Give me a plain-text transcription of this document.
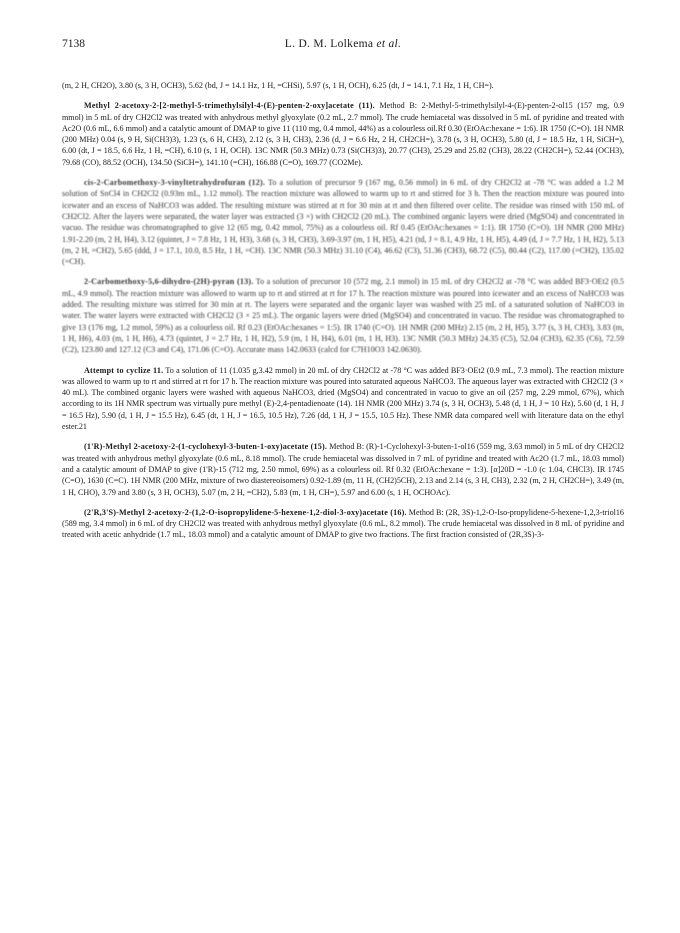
7138	L. D. M. Lolkema et al.

(m, 2 H, CH2O), 3.80 (s, 3 H, OCH3), 5.62 (bd, J = 14.1 Hz, 1 H, =CHSi), 5.97 (s, 1 H, OCH), 6.25 (dt, J = 14.1, 7.1 Hz, 1 H, CH=).

Methyl 2-acetoxy-2-[2-methyl-5-trimethylsilyl-4-(E)-penten-2-oxy]acetate (11). Method B: 2-Methyl-5-trimethylsilyl-4-(E)-penten-2-ol15 (157 mg, 0.9 mmol) in 5 mL of dry CH2Cl2 was treated with anhydrous methyl glyoxylate (0.2 mL, 2.7 mmol). The crude hemiacetal was dissolved in 5 mL of pyridine and treated with Ac2O (0.6 mL, 6.6 mmol) and a catalytic amount of DMAP to give 11 (110 mg, 0.4 mmol, 44%) as a colourless oil.Rf 0.30 (EtOAc:hexane = 1:6). IR 1750 (C=O). 1H NMR (200 MHz) 0.04 (s, 9 H, Si(CH3)3), 1.23 (s, 6 H, CH3), 2.12 (s, 3 H, CH3), 2.36 (d, J = 6.6 Hz, 2 H, CH2CH=), 3.78 (s, 3 H, OCH3), 5.80 (d, J = 18.5 Hz, 1 H, SiCH=), 6.00 (dt, J = 18.5, 6.6 Hz, 1 H, =CH), 6.10 (s, 1 H, OCH). 13C NMR (50.3 MHz) 0.73 (Si(CH3)3), 20.77 (CH3), 25.29 and 25.82 (CH3), 28.22 (CH2CH=), 52.44 (OCH3), 79.68 (CO), 88.52 (OCH), 134.50 (SiCH=), 141.10 (=CH), 166.88 (C=O), 169.77 (CO2Me).

cis-2-Carbomethoxy-3-vinyltetrahydrofuran (12). To a solution of precursor 9 (167 mg, 0.56 mmol) in 6 mL of dry CH2Cl2 at -78 °C was added a 1.2 M solution of SnCl4 in CH2Cl2 (0.93m mL, 1.12 mmol). The reaction mixture was allowed to warm up to rt and stirred for 3 h. Then the reaction mixture was poured into icewater and an excess of NaHCO3 was added. The resulting mixture was stirred at rt for 30 min at rt and then filtered over celite. The residue was rinsed with 150 mL of CH2Cl2. After the layers were separated, the water layer was extracted (3 ×) with CH2Cl2 (20 mL). The combined organic layers were dried (MgSO4) and concentrated in vacuo. The residue was chromatographed to give 12 (65 mg, 0.42 mmol, 75%) as a colourless oil. Rf 0.45 (EtOAc:hexanes = 1:1). IR 1750 (C=O). 1H NMR (200 MHz) 1.91-2.20 (m, 2 H, H4), 3.12 (quintet, J = 7.8 Hz, 1 H, H3), 3.68 (s, 3 H, CH3), 3.69-3.97 (m, 1 H, H5), 4.21 (td, J = 8.1, 4.9 Hz, 1 H, H5), 4.49 (d, J = 7.7 Hz, 1 H, H2), 5.13 (m, 2 H, =CH2), 5.65 (ddd, J = 17.1, 10.0, 8.5 Hz, 1 H, =CH). 13C NMR (50.3 MHz) 31.10 (C4), 46.62 (C3), 51.36 (CH3), 68.72 (C5), 80.44 (C2), 117.00 (=CH2), 135.02 (=CH).

2-Carbomethoxy-5,6-dihydro-(2H)-pyran (13). To a solution of precursor 10 (572 mg, 2.1 mmol) in 15 mL of dry CH2Cl2 at -78 °C was added BF3·OEt2 (0.5 mL, 4.9 mmol). The reaction mixture was allowed to warm up to rt and stirred at rt for 17 h. The reaction mixture was poured into icewater and an excess of NaHCO3 was added. The resulting mixture was stirred for 30 min at rt. The layers were separated and the organic layer was washed with 25 mL of a saturated solution of NaHCO3 in water. The water layers were extracted with CH2Cl2 (3 × 25 mL). The organic layers were dried (MgSO4) and concentrated in vacuo. The residue was chromatographed to give 13 (176 mg, 1.2 mmol, 59%) as a colourless oil. Rf 0.23 (EtOAc:hexanes = 1:5). IR 1740 (C=O). 1H NMR (200 MHz) 2.15 (m, 2 H, H5), 3.77 (s, 3 H, CH3), 3.83 (m, 1 H, H6), 4.03 (m, 1 H, H6), 4.73 (quintet, J = 2.7 Hz, 1 H, H2), 5.9 (m, 1 H, H4), 6.01 (m, 1 H, H3). 13C NMR (50.3 MHz) 24.35 (C5), 52.04 (CH3), 62.35 (C6), 72.59 (C2), 123.80 and 127.12 (C3 and C4), 171.06 (C=O). Accurate mass 142.0633 (calcd for C7H10O3 142.0630).

Attempt to cyclize 11. To a solution of 11 (1.035 g,3.42 mmol) in 20 mL of dry CH2Cl2 at -78 °C was added BF3·OEt2 (0.9 mL, 7.3 mmol). The reaction mixture was allowed to warm up to rt and stirred at rt for 17 h. The reaction mixture was poured into saturated aqueous NaHCO3. The aqueous layer was extracted with CH2Cl2 (3 × 40 mL). The combined organic layers were washed with aqueous NaHCO3, dried (MgSO4) and concentrated in vacuo to give an oil (257 mg, 2.29 mmol, 67%), which according to its 1H NMR spectrum was virtually pure methyl (E)-2,4-pentadienoate (14). 1H NMR (200 MHz) 3.74 (s, 3 H, OCH3), 5.48 (d, 1 H, J = 10 Hz), 5.60 (d, 1 H, J = 16.5 Hz), 5.90 (d, 1 H, J = 15.5 Hz), 6.45 (dt, 1 H, J = 16.5, 10.5 Hz), 7.26 (dd, 1 H, J = 15.5, 10.5 Hz). These NMR data compared well with literature data on the ethyl ester.21

(1'R)-Methyl 2-acetoxy-2-(1-cyclohexyl-3-buten-1-oxy)acetate (15). Method B: (R)-1-Cyclohexyl-3-buten-1-ol16 (559 mg, 3.63 mmol) in 5 mL of dry CH2Cl2 was treated with anhydrous methyl glyoxylate (0.6 mL, 8.18 mmol). The crude hemiacetal was dissolved in 7 mL of pyridine and treated with Ac2O (1.7 mL, 18.03 mmol) and a catalytic amount of DMAP to give (1'R)-15 (712 mg, 2.50 mmol, 69%) as a colourless oil. Rf 0.32 (EtOAc:hexane = 1:3). [α]20D = -1.0 (c 1.04, CHCl3). IR 1745 (C=O), 1630 (C=C). 1H NMR (200 MHz, mixture of two diastereoisomers) 0.92-1.89 (m, 11 H, (CH2)5CH), 2.13 and 2.14 (s, 3 H, CH3), 2.32 (m, 2 H, CH2CH=), 3.49 (m, 1 H, CHO), 3.79 and 3.80 (s, 3 H, OCH3), 5.07 (m, 2 H, =CH2), 5.83 (m, 1 H, CH=), 5.97 and 6.00 (s, 1 H, OCHOAc).

(2'R,3'S)-Methyl 2-acetoxy-2-(1,2-O-isopropylidene-5-hexene-1,2-diol-3-oxy)acetate (16). Method B: (2R, 3S)-1,2-O-Iso-propylidene-5-hexene-1,2,3-triol16 (589 mg, 3.4 mmol) in 6 mL of dry CH2Cl2 was treated with anhydrous methyl glyoxylate (0.6 mL, 8.2 mmol). The crude hemiacetal was dissolved in 8 mL of pyridine and treated with acetic anhydride (1.7 mL, 18.03 mmol) and a catalytic amount of DMAP to give two fractions. The first fraction consisted of (2R,3S)-3-
